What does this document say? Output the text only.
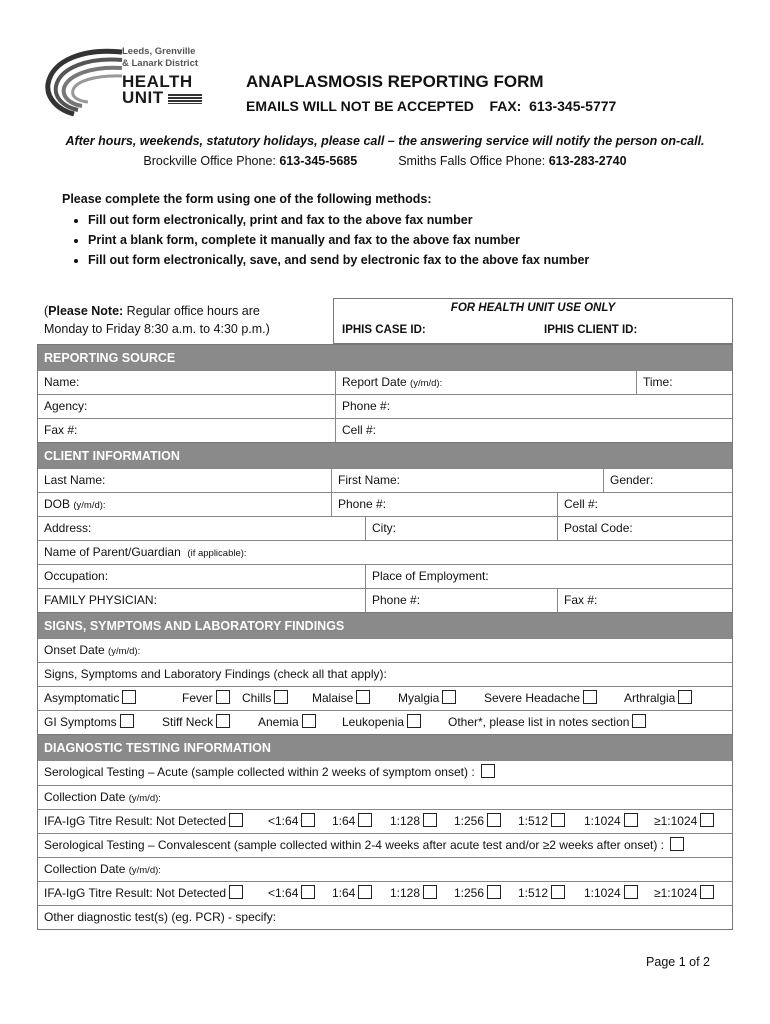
Leeds, Grenville
& Lanark District
HEALTH
UNIT
ANAPLASMOSIS REPORTING FORM
EMAILS WILL NOT BE ACCEPTED    FAX:  613-345-5777
After hours, weekends, statutory holidays, please call – the answering service will notify the person on-call.
Brockville Office Phone: 613-345-5685	Smiths Falls Office Phone: 613-283-2740
Please complete the form using one of the following methods:
• Fill out form electronically, print and fax to the above fax number
• Print a blank form, complete it manually and fax to the above fax number
• Fill out form electronically, save, and send by electronic fax to the above fax number
(Please Note: Regular office hours are
Monday to Friday 8:30 a.m. to 4:30 p.m.)
FOR HEALTH UNIT USE ONLY
IPHIS CASE ID:	IPHIS CLIENT ID:
REPORTING SOURCE
Name:	Report Date (y/m/d):	Time:
Agency:	Phone #:
Fax #:	Cell #:
CLIENT INFORMATION
Last Name:	First Name:	Gender:
DOB (y/m/d):	Phone #:	Cell #:
Address:	City:	Postal Code:
Name of Parent/Guardian (if applicable):
Occupation:	Place of Employment:
FAMILY PHYSICIAN:	Phone #:	Fax #:
SIGNS, SYMPTOMS AND LABORATORY FINDINGS
Onset Date (y/m/d):
Signs, Symptoms and Laboratory Findings (check all that apply):
Asymptomatic	Fever	Chills	Malaise	Myalgia	Severe Headache	Arthralgia
GI Symptoms	Stiff Neck	Anemia	Leukopenia	Other*, please list in notes section
DIAGNOSTIC TESTING INFORMATION
Serological Testing – Acute (sample collected within 2 weeks of symptom onset) :
Collection Date (y/m/d):
IFA-IgG Titre Result: Not Detected	<1:64	1:64	1:128	1:256	1:512	1:1024	≥1:1024
Serological Testing – Convalescent (sample collected within 2-4 weeks after acute test and/or ≥2 weeks after onset) :
Collection Date (y/m/d):
IFA-IgG Titre Result: Not Detected	<1:64	1:64	1:128	1:256	1:512	1:1024	≥1:1024
Other diagnostic test(s) (eg. PCR) - specify:
Page 1 of 2
